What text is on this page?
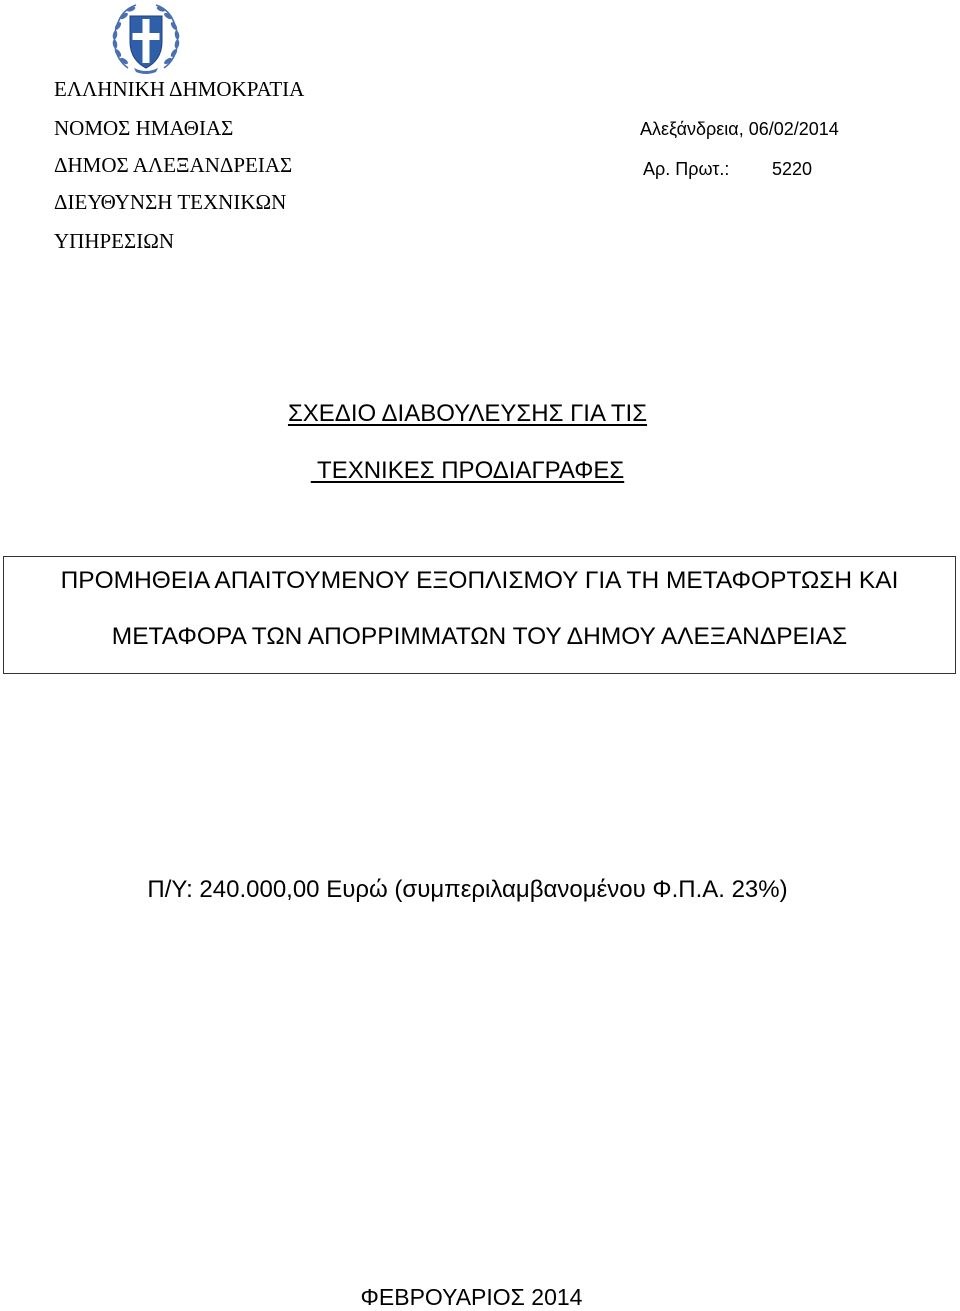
ΕΛΛΗΝΙΚΗ ΔΗΜΟΚΡΑΤΙΑ
ΝΟΜΟΣ ΗΜΑΘΙΑΣ
ΔΗΜΟΣ ΑΛΕΞΑΝΔΡΕΙΑΣ
ΔΙΕΥΘΥΝΣΗ ΤΕΧΝΙΚΩΝ
ΥΠΗΡΕΣΙΩΝ
Αλεξάνδρεια, 06/02/2014
Αρ. Πρωτ.: 5220
ΣΧΕΔΙΟ ΔΙΑΒΟΥΛΕΥΣΗΣ ΓΙΑ ΤΙΣ
ΤΕΧΝΙΚΕΣ ΠΡΟΔΙΑΓΡΑΦΕΣ
ΠΡΟΜΗΘΕΙΑ ΑΠΑΙΤΟΥΜΕΝΟΥ ΕΞΟΠΛΙΣΜΟΥ ΓΙΑ ΤΗ ΜΕΤΑΦΟΡΤΩΣΗ ΚΑΙ
ΜΕΤΑΦΟΡΑ ΤΩΝ ΑΠΟΡΡΙΜΜΑΤΩΝ ΤΟΥ ΔΗΜΟΥ ΑΛΕΞΑΝΔΡΕΙΑΣ
Π/Υ: 240.000,00 Ευρώ (συμπεριλαμβανομένου Φ.Π.Α. 23%)
ΦΕΒΡΟΥΑΡΙΟΣ 2014
